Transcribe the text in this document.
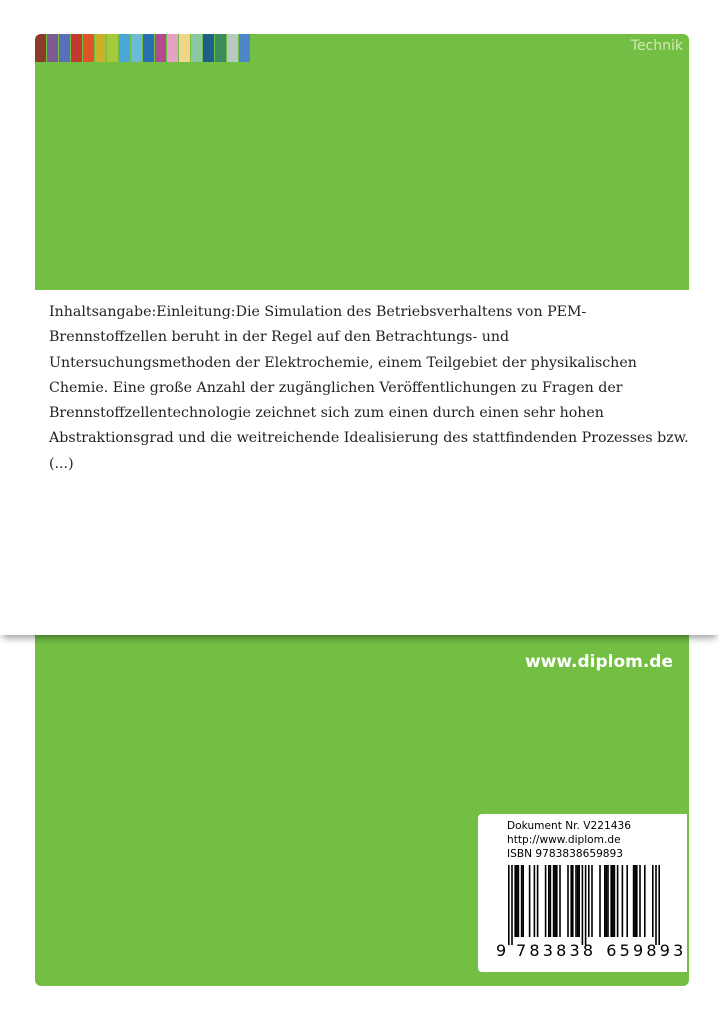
Technik

Inhaltsangabe:Einleitung:Die Simulation des Betriebsverhaltens von PEM-Brennstoffzellen beruht in der Regel auf den Betrachtungs- und Untersuchungsmethoden der Elektrochemie, einem Teilgebiet der physikalischen Chemie. Eine große Anzahl der zugänglichen Veröffentlichungen zu Fragen der Brennstoffzellentechnologie zeichnet sich zum einen durch einen sehr hohen Abstraktionsgrad und die weitreichende Idealisierung des stattfindenden Prozesses bzw. (...)

www.diplom.de
Dokument Nr. V221436
http://www.diplom.de
ISBN 9783838659893
9 783838 659893
